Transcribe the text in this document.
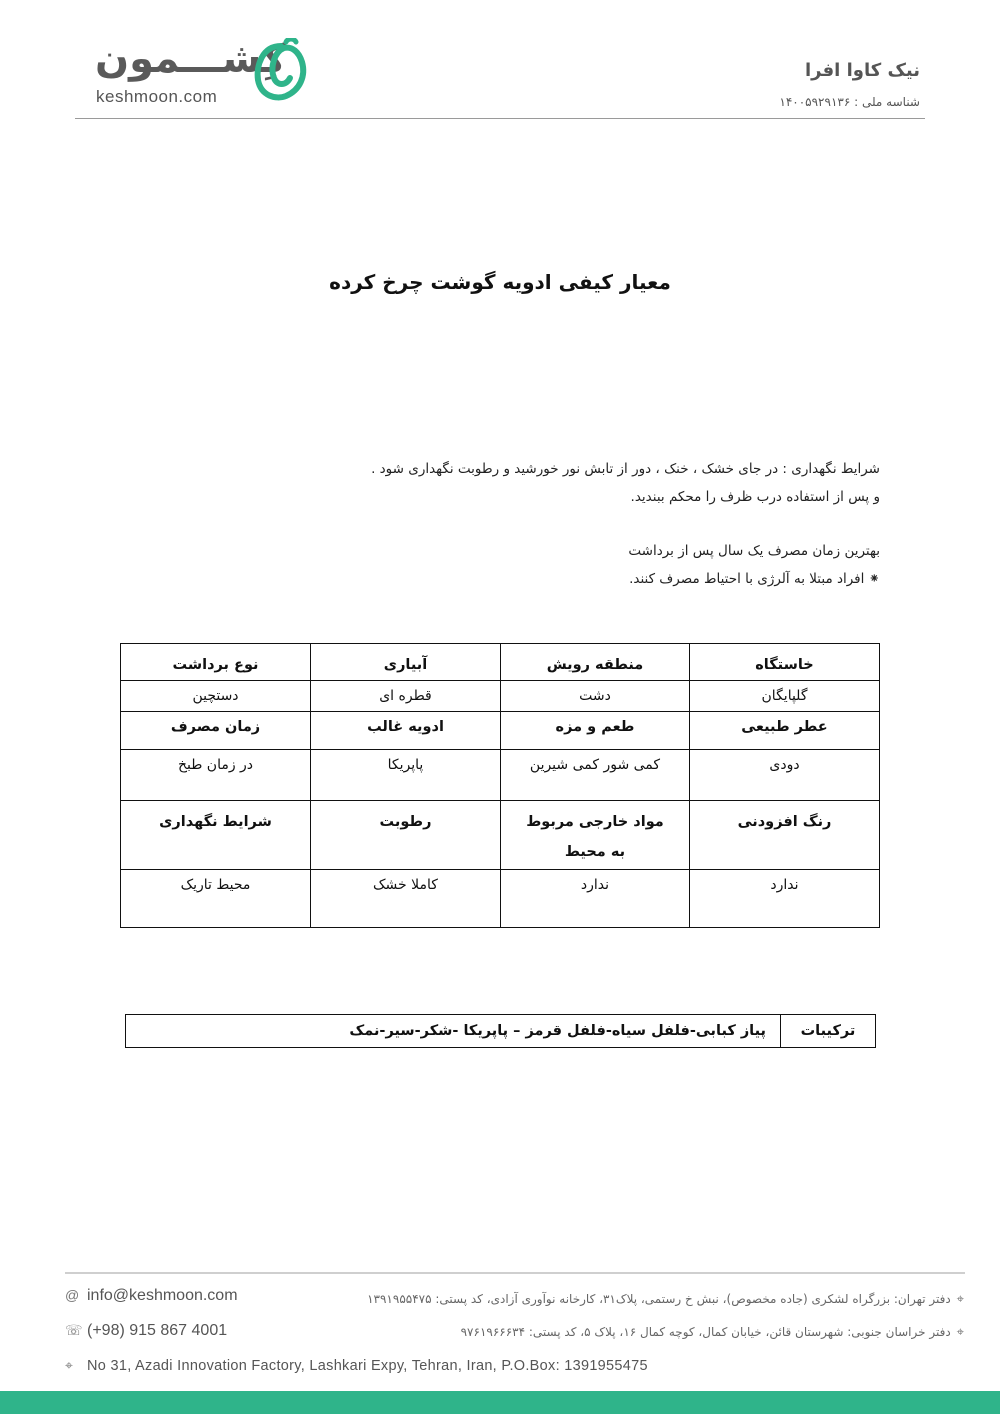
کِشـــمون
keshmoon.com
نیک کاوا افرا
شناسه ملی : ۱۴۰۰۵۹۲۹۱۳۶
معیار کیفی ادویه گوشت چرخ کرده

شرایط نگهداری : در جای خشک ، خنک ، دور از تابش نور خورشید و رطوبت نگهداری شود .

و پس از استفاده درب ظرف را محکم ببندید.

بهترین زمان مصرف یک سال پس از برداشت

⁕ افراد مبتلا به آلرژی با احتیاط مصرف کنند.

خاستگاه	منطقه رویش	آبیاری	نوع برداشت
گلپایگان	دشت	قطره ای	دستچین
عطر طبیعی	طعم و مزه	ادویه غالب	زمان مصرف
دودی	کمی شور کمی شیرین	پاپریکا	در زمان طبخ
رنگ افزودنی	مواد خارجی مربوط به محیط	رطوبت	شرایط نگهداری
ندارد	ندارد	کاملا خشک	محیط تاریک
ترکیبات	پیاز کبابی-فلفل سیاه-فلفل قرمز – پاپریکا -شکر-سیر-نمک
@ info@keshmoon.com
☏ (+98) 915 867 4001
⌖ No 31, Azadi Innovation Factory, Lashkari Expy, Tehran, Iran, P.O.Box: 1391955475
⌖دفتر تهران: بزرگراه لشکری (جاده مخصوص)، نبش خ رستمی، پلاک۳۱، کارخانه نوآوری آزادی، کد پستی: ۱۳۹۱۹۵۵۴۷۵
⌖دفتر خراسان جنوبی: شهرستان قائن، خیابان کمال، کوچه کمال ۱۶، پلاک ۵، کد پستی: ۹۷۶۱۹۶۶۶۳۴
